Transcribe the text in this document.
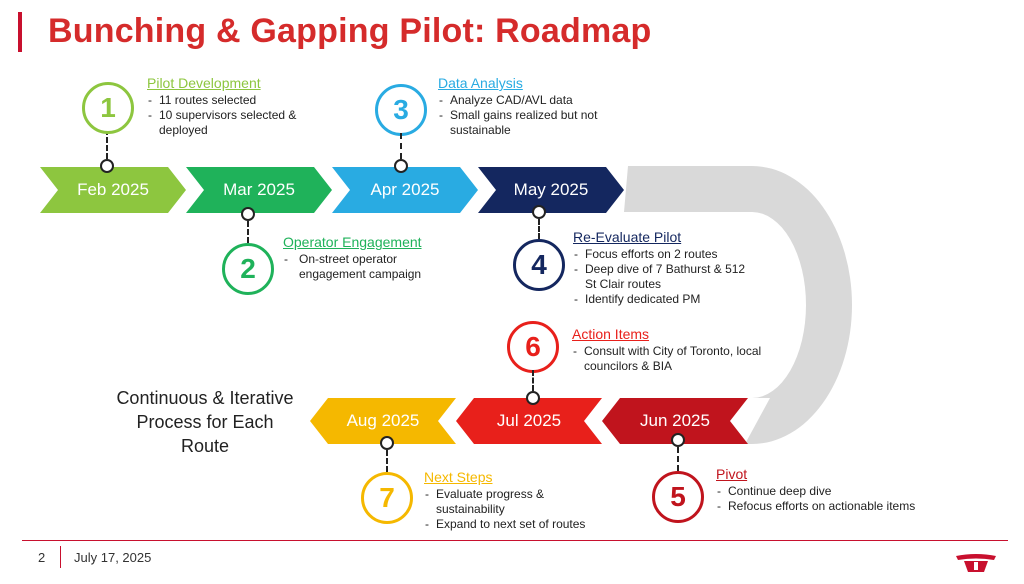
Bunching & Gapping Pilot: Roadmap
Feb 2025	Mar 2025	Apr 2025	May 2025
Jun 2025
Jul 2025
Aug 2025
1
Pilot Development
- 11 routes selected
- 10 supervisors selected & deployed
2
Operator Engagement
- On-street operator engagement campaign
3
Data Analysis
- Analyze CAD/AVL data
- Small gains realized but not sustainable
4
Re-Evaluate Pilot
- Focus efforts on 2 routes
- Deep dive of 7 Bathurst & 512 St Clair routes
- Identify dedicated PM
6	Action Items
- Consult with City of Toronto, local councilors & BIA
7
Next Steps
- Evaluate progress & sustainability
- Expand to next set of routes
5
Pivot
- Continue deep dive
- Refocus efforts on actionable items
Continuous & Iterative Process for Each Route
2 July 17, 2025
